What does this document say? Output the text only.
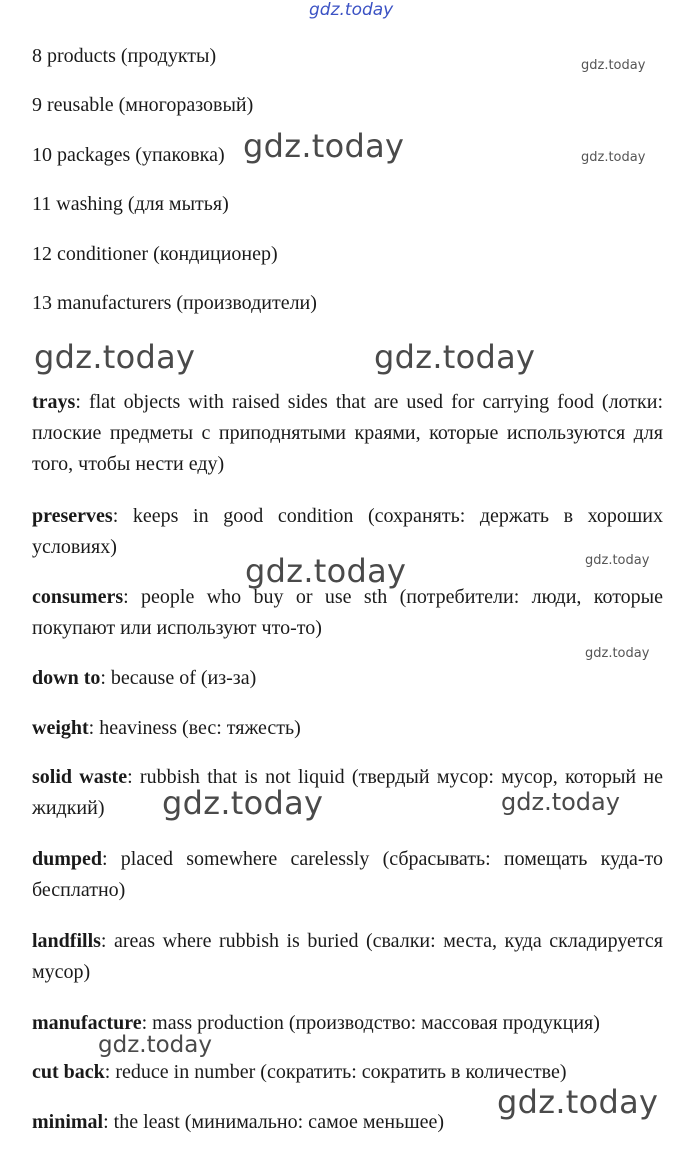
8 products (продукты)
9 reusable (многоразовый)
10 packages (упаковка)
11 washing (для мытья)
12 conditioner (кондиционер)
13 manufacturers (производители)
trays: flat objects with raised sides that are used for carrying food (лотки: плоские предметы с приподнятыми краями, которые используются для того, чтобы нести еду)
preserves: keeps in good condition (сохранять: держать в хороших условиях)
consumers: people who buy or use sth (потребители: люди, которые покупают или используют что-то)
down to: because of (из-за)
weight: heaviness (вес: тяжесть)
solid waste: rubbish that is not liquid (твердый мусор: мусор, который не жидкий)
dumped: placed somewhere carelessly (сбрасывать: помещать куда-то бесплатно)
landfills: areas where rubbish is buried (свалки: места, куда складируется мусор)
manufacture: mass production (производство: массовая продукция)
cut back: reduce in number (сократить: сократить в количестве)
minimal: the least (минимально: самое меньшее)
gdz.today
gdz.today
gdz.today	gdz.today
gdz.today	gdz.today
gdz.today
gdz.today
gdz.today
gdz.today	gdz.today
gdz.today
gdz.today
